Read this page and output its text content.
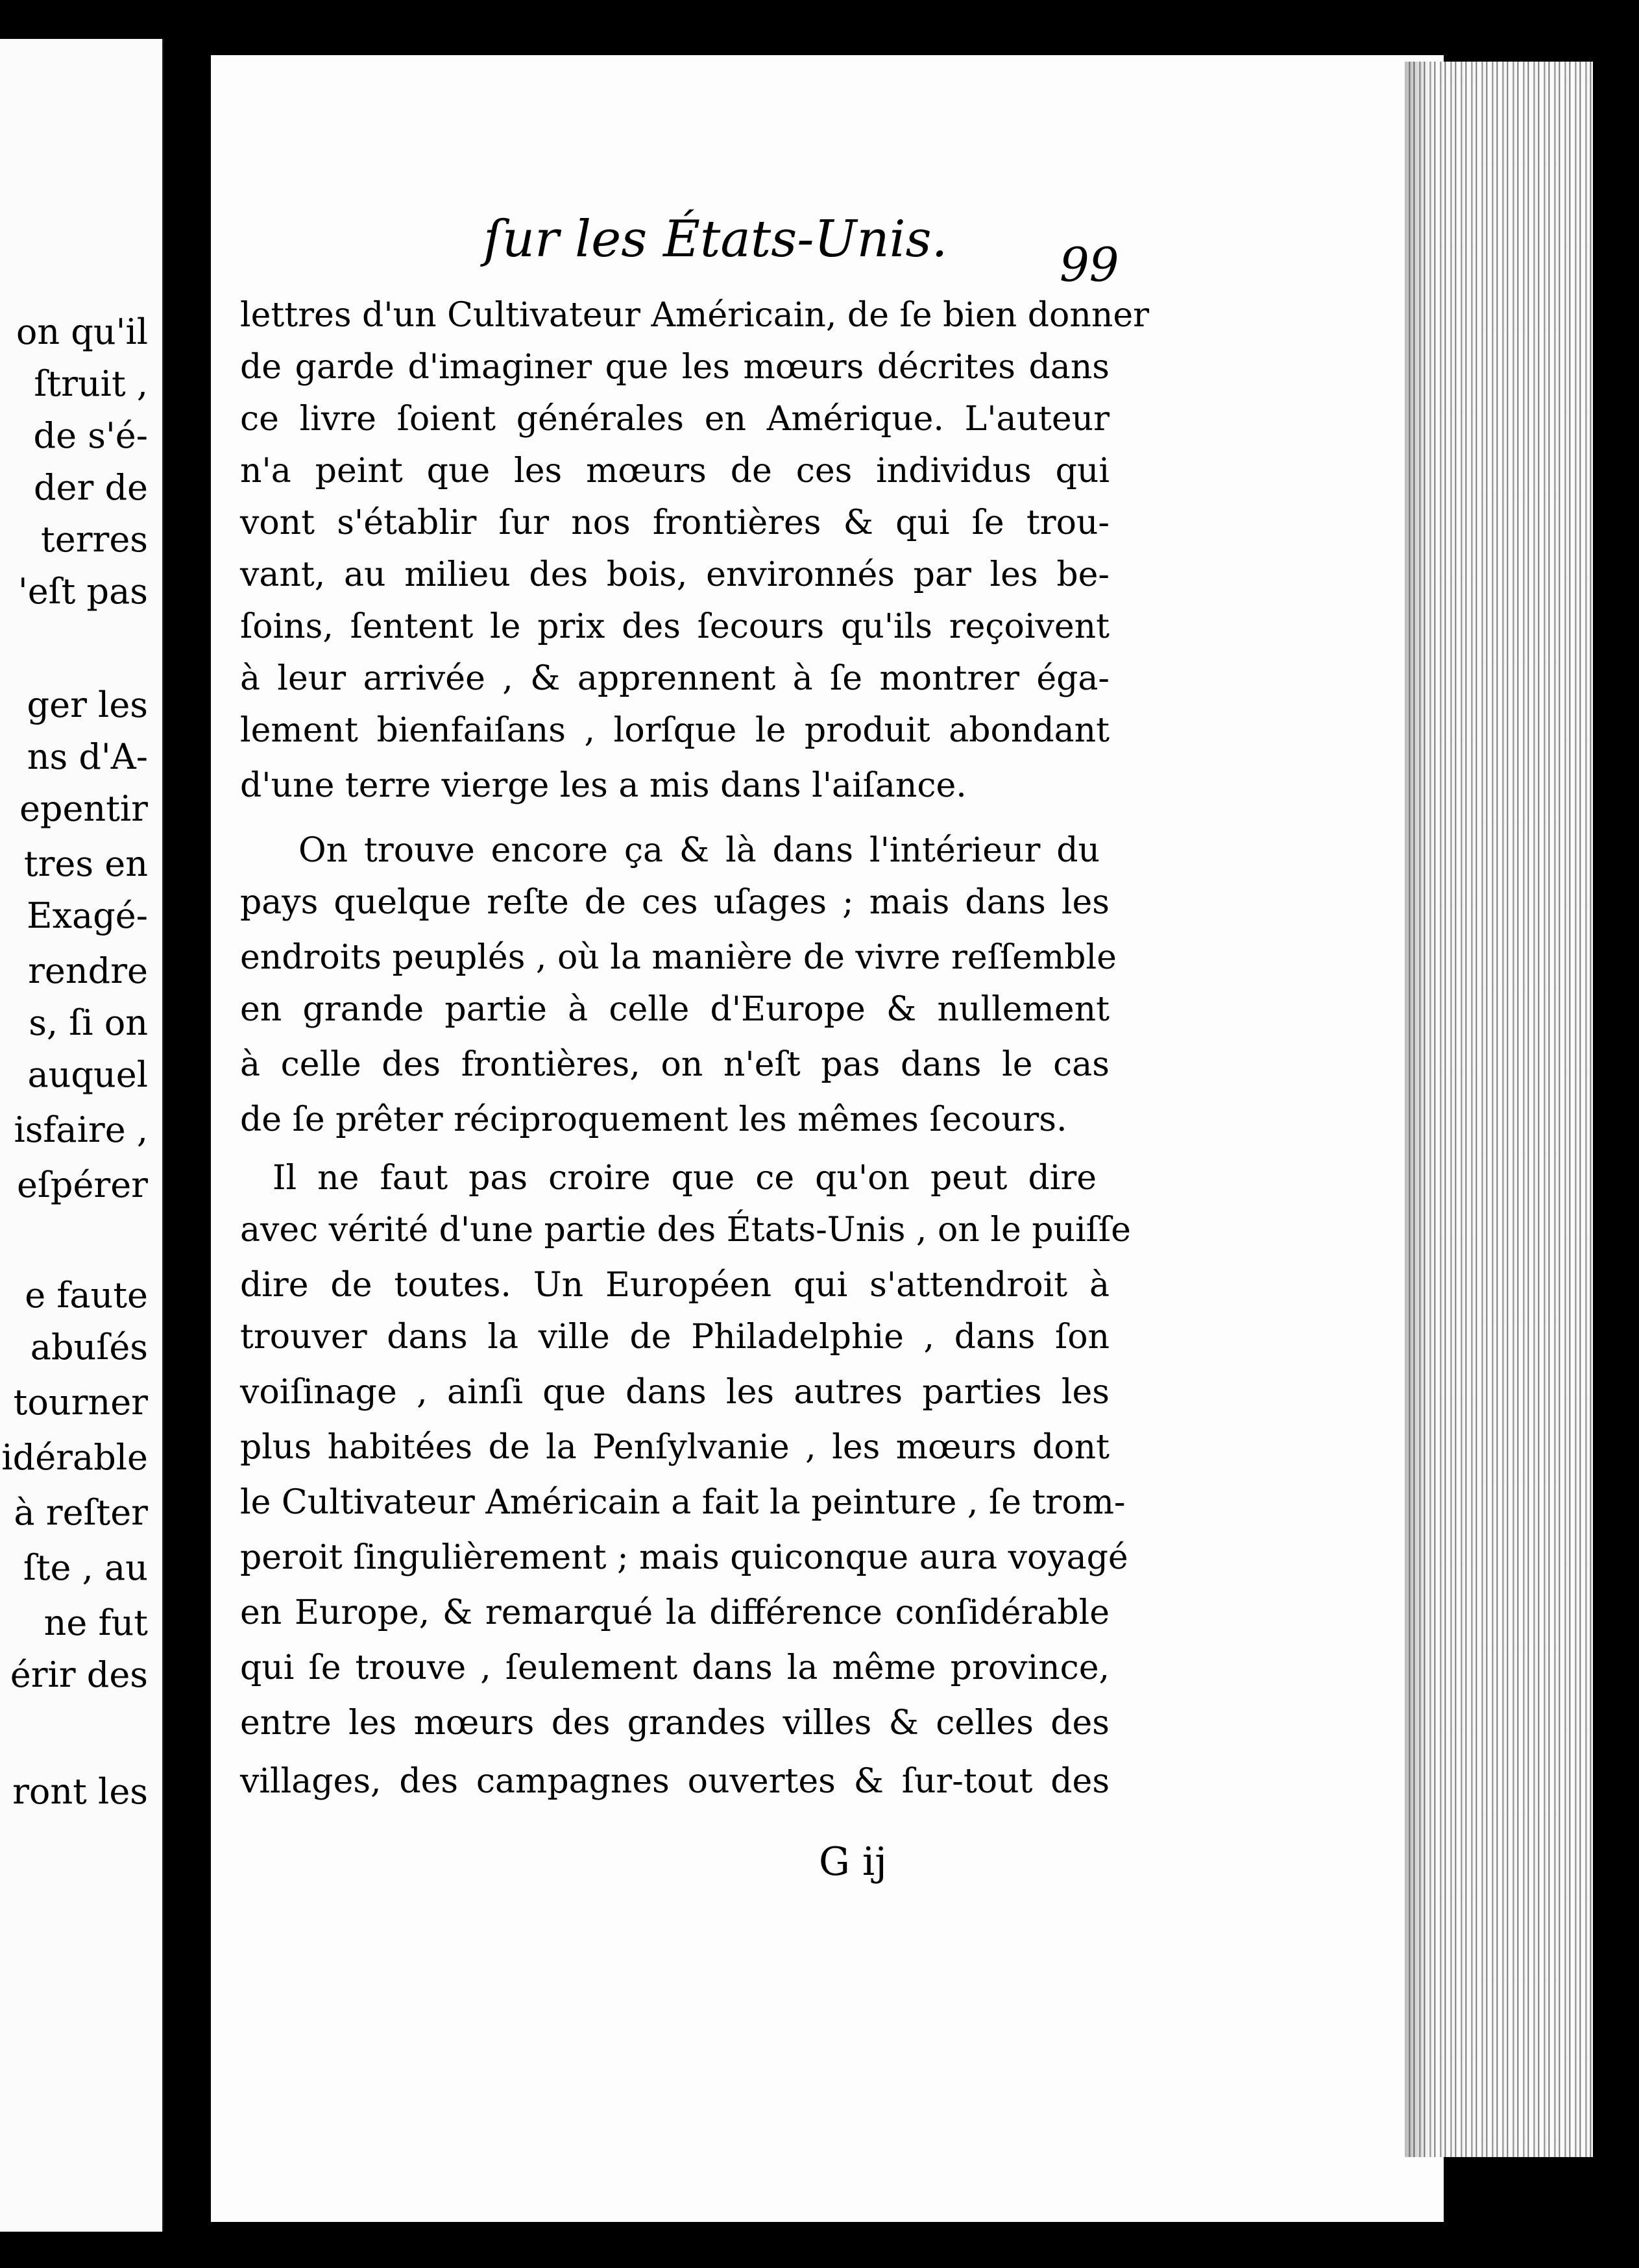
on qu'il
ſtruit ,
de s'é-
der de
terres
'eſt pas
ger les
ns d'A-
epentir
tres en
Exagé-
rendre
s, ſi on
auquel
isfaire ,
eſpérer
e faute
abuſés
tourner
idérable
à reſter
ſte , au
ne fut
érir des
ront les
ſur les États-Unis. 99
lettres d'un Cultivateur Américain, de ſe bien donner
de garde d'imaginer que les mœurs décrites dans
ce livre ſoient générales en Amérique. L'auteur
n'a peint que les mœurs de ces individus qui
vont s'établir ſur nos frontières & qui ſe trou-
vant, au milieu des bois, environnés par les be-
ſoins, ſentent le prix des ſecours qu'ils reçoivent
à leur arrivée , & apprennent à ſe montrer éga-
lement bienfaiſans , lorſque le produit abondant
d'une terre vierge les a mis dans l'aiſance.
On trouve encore ça & là dans l'intérieur du
pays quelque reſte de ces uſages ; mais dans les
endroits peuplés , où la manière de vivre reſſemble
en grande partie à celle d'Europe & nullement
à celle des frontières, on n'eſt pas dans le cas
de ſe prêter réciproquement les mêmes ſecours.
Il ne faut pas croire que ce qu'on peut dire
avec vérité d'une partie des États-Unis , on le puiſſe
dire de toutes. Un Européen qui s'attendroit à
trouver dans la ville de Philadelphie , dans ſon
voiſinage , ainſi que dans les autres parties les
plus habitées de la Penſylvanie , les mœurs dont
le Cultivateur Américain a fait la peinture , ſe trom-
peroit ſingulièrement ; mais quiconque aura voyagé
en Europe, & remarqué la différence conſidérable
qui ſe trouve , ſeulement dans la même province,
entre les mœurs des grandes villes & celles des
villages, des campagnes ouvertes & ſur-tout des
G ij
